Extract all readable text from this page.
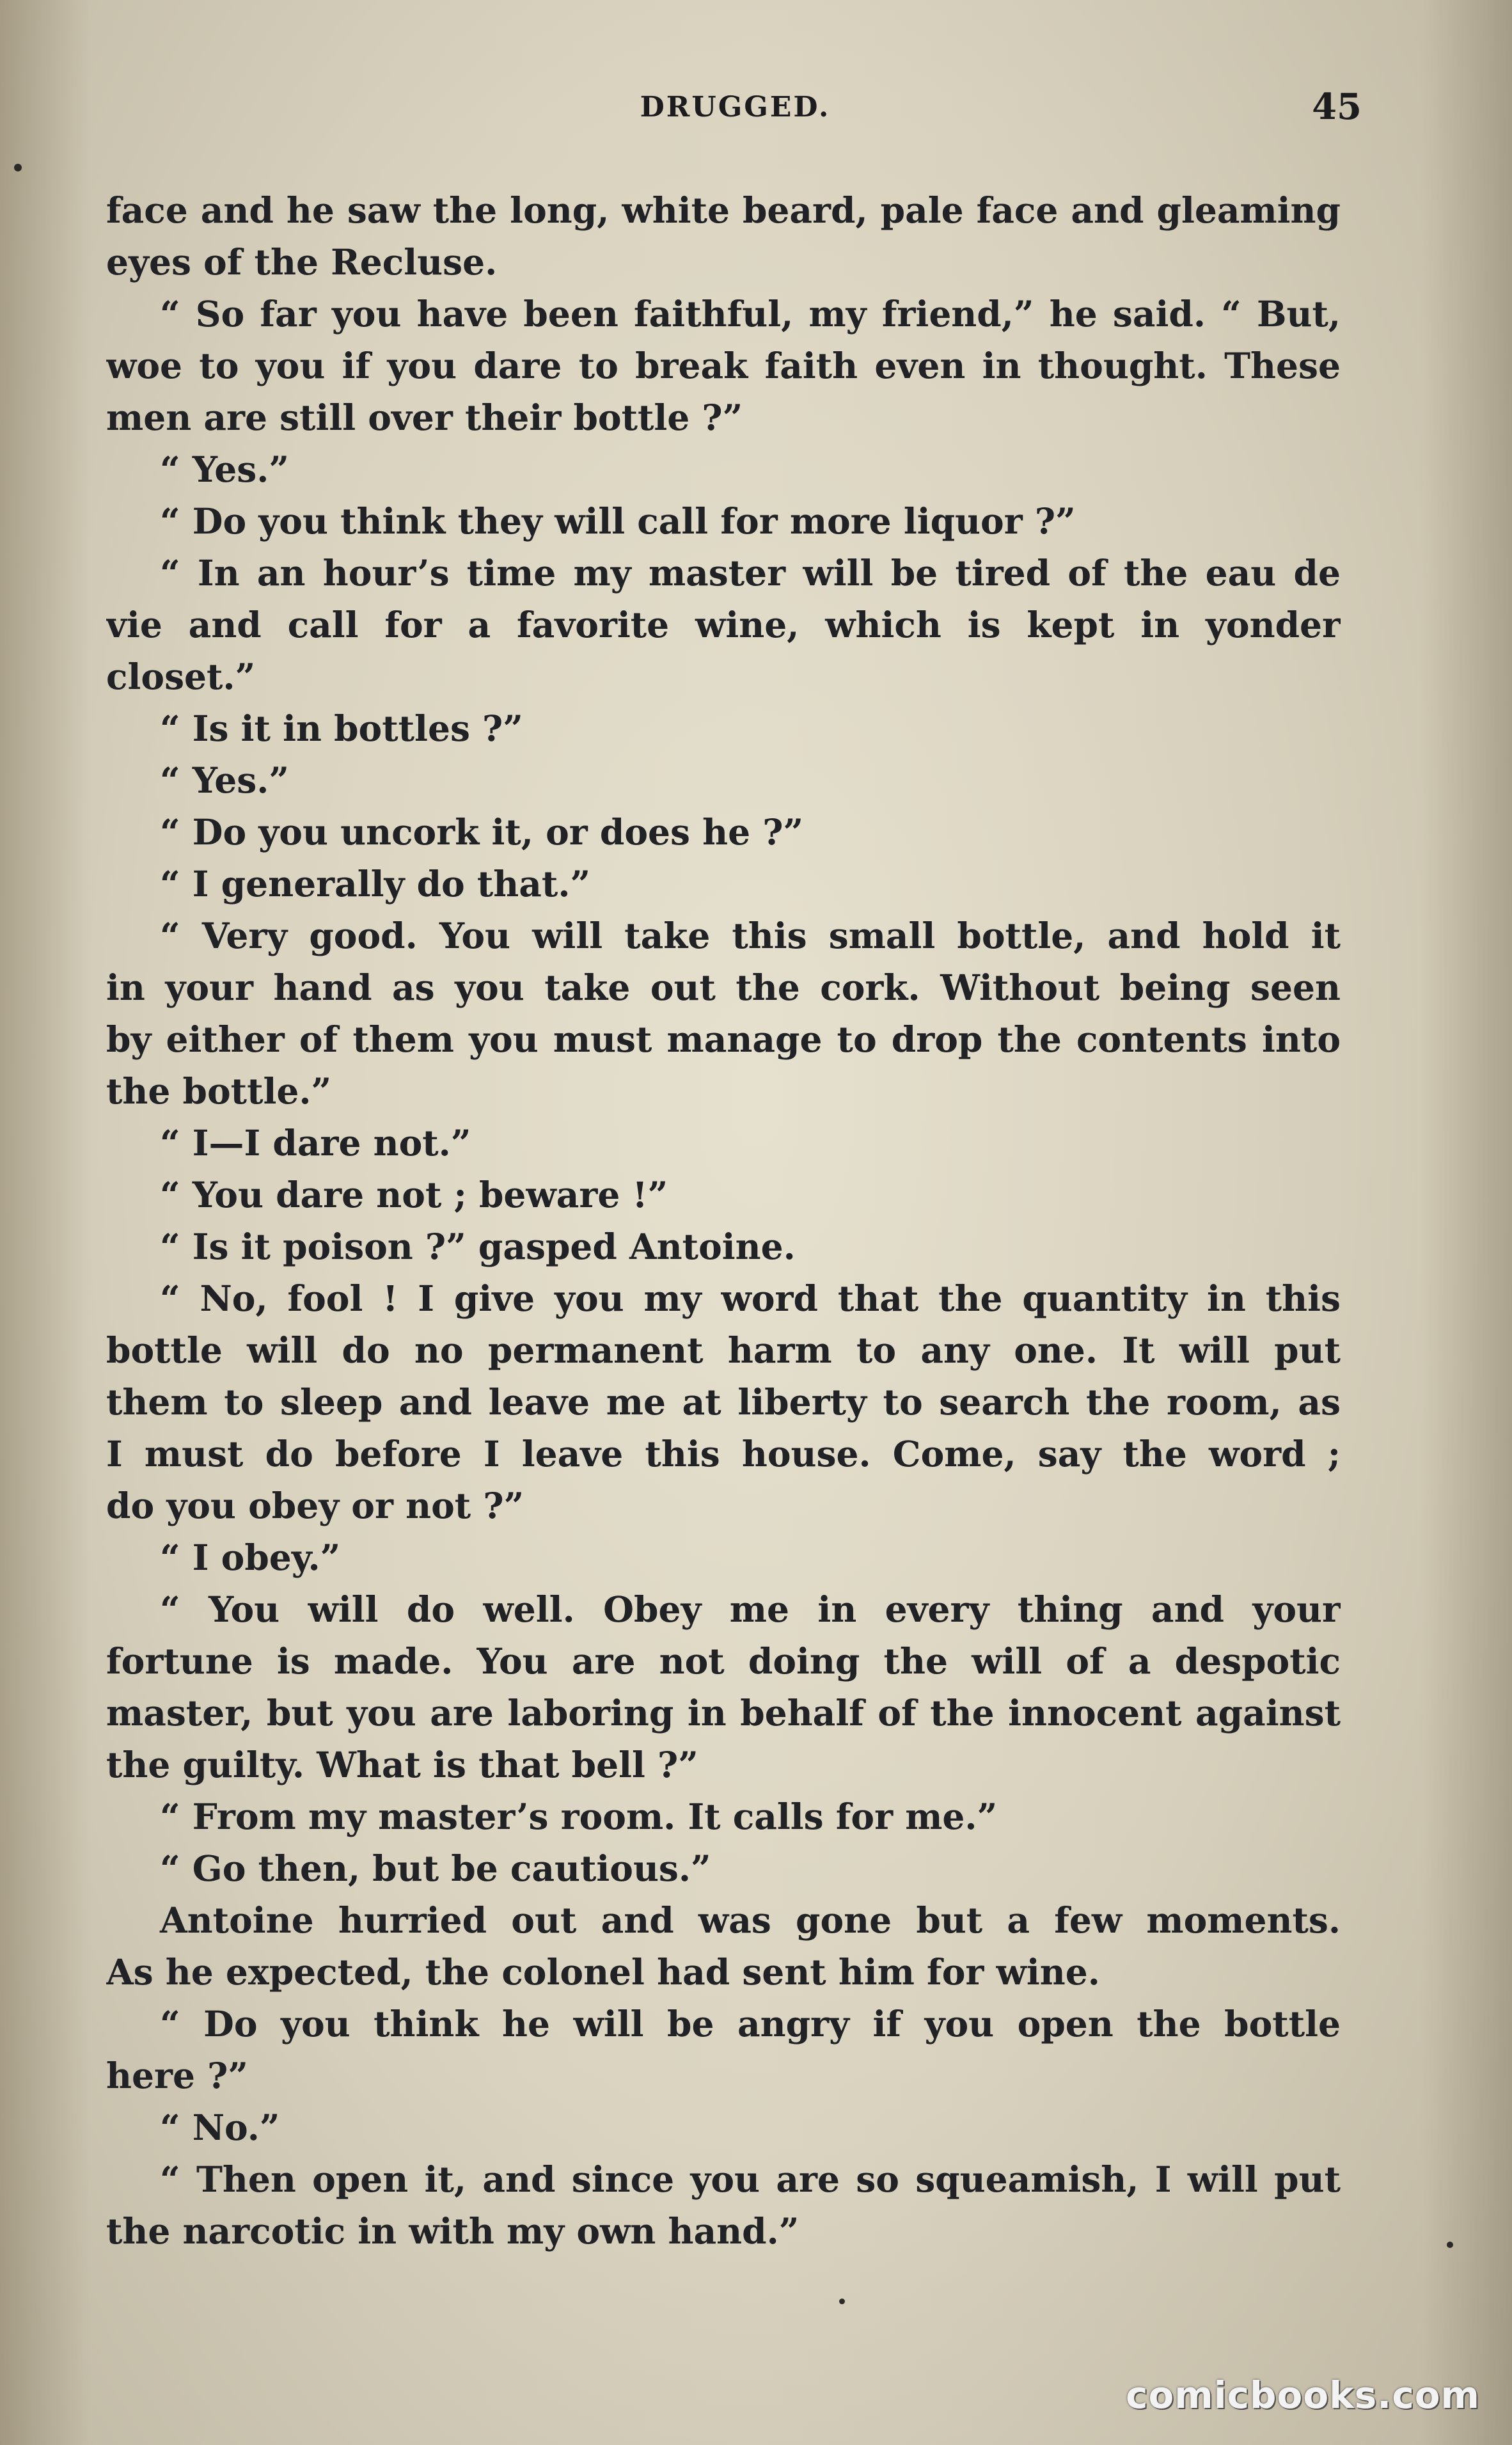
DRUGGED.	45
face and he saw the long, white beard, pale face and gleaming
eyes of the Recluse.
“ So far you have been faithful, my friend,” he said. “ But,
woe to you if you dare to break faith even in thought. These
men are still over their bottle ?”
“ Yes.”
“ Do you think they will call for more liquor ?”
“ In an hour’s time my master will be tired of the eau de
vie and call for a favorite wine, which is kept in yonder
closet.”
“ Is it in bottles ?”
“ Yes.”
“ Do you uncork it, or does he ?”
“ I generally do that.”
“ Very good. You will take this small bottle, and hold it
in your hand as you take out the cork. Without being seen
by either of them you must manage to drop the contents into
the bottle.”
“ I—I dare not.”
“ You dare not ; beware !”
“ Is it poison ?” gasped Antoine.
“ No, fool ! I give you my word that the quantity in this
bottle will do no permanent harm to any one. It will put
them to sleep and leave me at liberty to search the room, as
I must do before I leave this house. Come, say the word ;
do you obey or not ?”
“ I obey.”
“ You will do well. Obey me in every thing and your
fortune is made. You are not doing the will of a despotic
master, but you are laboring in behalf of the innocent against
the guilty. What is that bell ?”
“ From my master’s room. It calls for me.”
“ Go then, but be cautious.”
Antoine hurried out and was gone but a few moments.
As he expected, the colonel had sent him for wine.
“ Do you think he will be angry if you open the bottle
here ?”
“ No.”
“ Then open it, and since you are so squeamish, I will put
the narcotic in with my own hand.”
comicbooks.com
